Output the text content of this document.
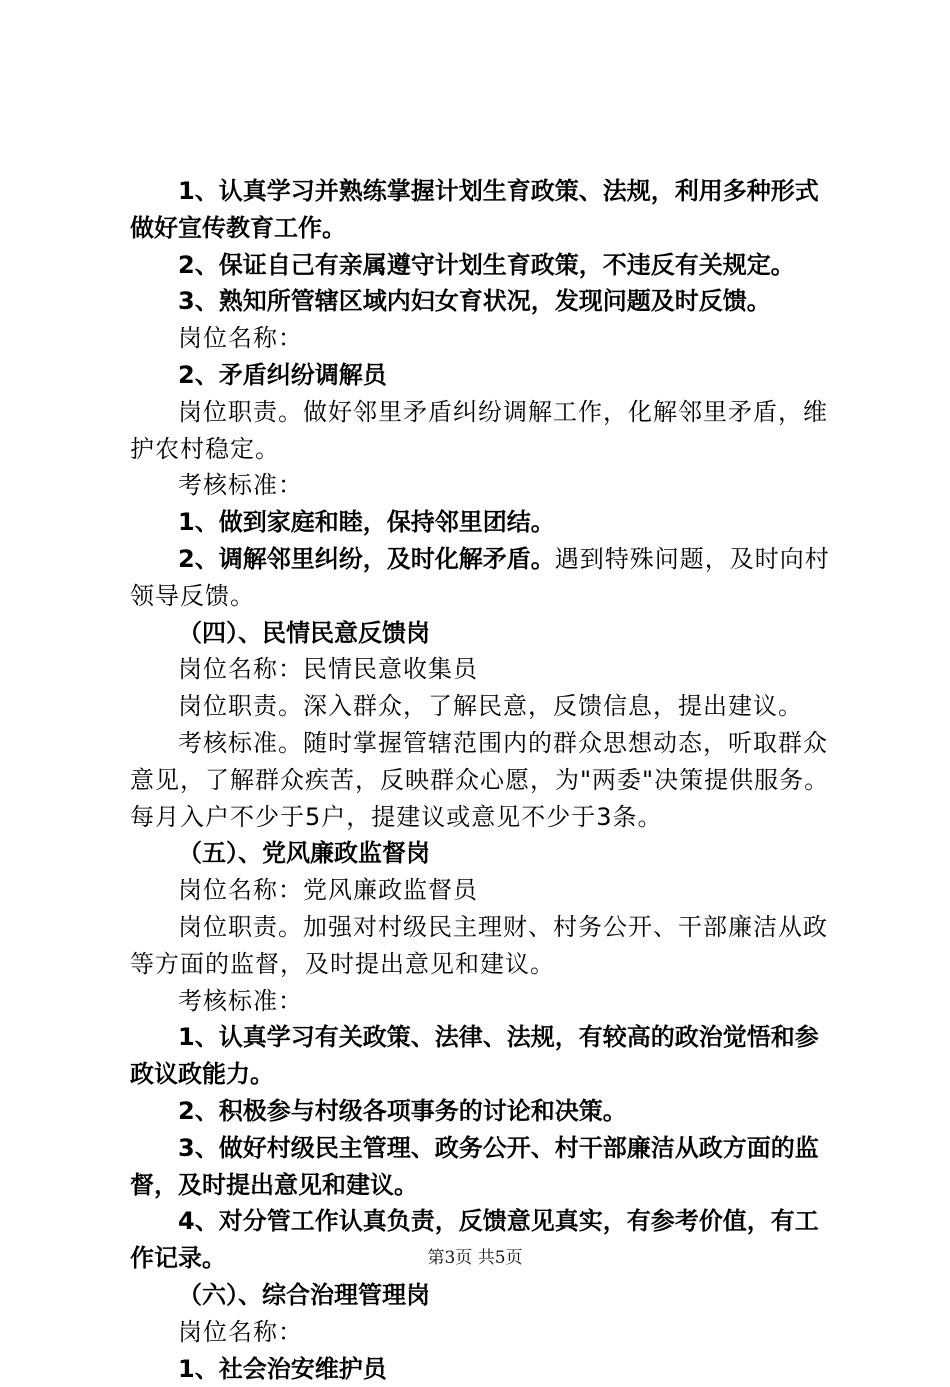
1、认真学习并熟练掌握计划生育政策、法规，利用多种形式做好宣传教育工作。

2、保证自己有亲属遵守计划生育政策，不违反有关规定。

3、熟知所管辖区域内妇女育状况，发现问题及时反馈。

岗位名称：

2、矛盾纠纷调解员

岗位职责。做好邻里矛盾纠纷调解工作，化解邻里矛盾，维护农村稳定。

考核标准：

1、做到家庭和睦，保持邻里团结。

2、调解邻里纠纷，及时化解矛盾。遇到特殊问题，及时向村领导反馈。

（四）、民情民意反馈岗

岗位名称：民情民意收集员

岗位职责。深入群众，了解民意，反馈信息，提出建议。

考核标准。随时掌握管辖范围内的群众思想动态，听取群众意见，了解群众疾苦，反映群众心愿，为"两委"决策提供服务。每月入户不少于5户，提建议或意见不少于3条。

（五）、党风廉政监督岗

岗位名称：党风廉政监督员

岗位职责。加强对村级民主理财、村务公开、干部廉洁从政等方面的监督，及时提出意见和建议。

考核标准：

1、认真学习有关政策、法律、法规，有较高的政治觉悟和参政议政能力。

2、积极参与村级各项事务的讨论和决策。

3、做好村级民主管理、政务公开、村干部廉洁从政方面的监督，及时提出意见和建议。

4、对分管工作认真负责，反馈意见真实，有参考价值，有工作记录。

（六）、综合治理管理岗

岗位名称：

1、社会治安维护员

第3页 共5页
